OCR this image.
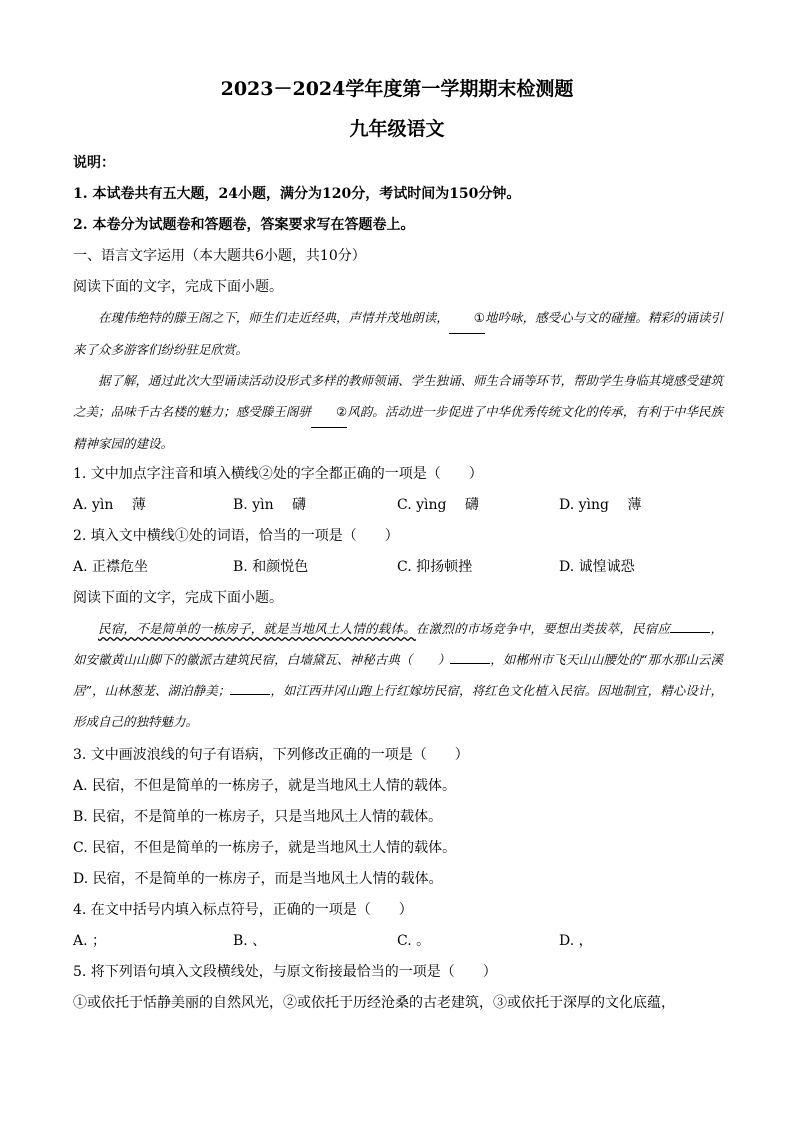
2023－2024学年度第一学期期末检测题
九年级语文
说明：
1. 本试卷共有五大题，24小题，满分为120分，考试时间为150分钟。
2. 本卷分为试题卷和答题卷，答案要求写在答题卷上。
一、语言文字运用（本大题共6小题，共10分）
阅读下面的文字，完成下面小题。

在瑰伟绝特的滕王阁之下，师生们走近经典，声情并茂地朗读， ①地吟咏，感受心与文的碰撞。精彩的诵读引来了众多游客们纷纷驻足欣赏。

据了解，通过此次大型诵读活动设形式多样的教师领诵、学生独诵、师生合诵等环节，帮助学生身临其境感受建筑之美；品味千古名楼的魅力；感受滕王阁骈 ②风韵。活动进一步促进了中华优秀传统文化的传承，有利于中华民族精神家园的建设。

1. 文中加点字注音和填入横线②处的字全都正确的一项是（　　）
A. yìn　 薄	B. yìn　 礴	C. yìng　 礴	D. yìng　 薄
2. 填入文中横线①处的词语，恰当的一项是（　　）
A. 正襟危坐	B. 和颜悦色	C. 抑扬顿挫	D. 诚惶诚恐
阅读下面的文字，完成下面小题。

民宿，不是简单的一栋房子，就是当地风土人情的载体。在激烈的市场竞争中，要想出类拔萃，民宿应	，如安徽黄山山脚下的徽派古建筑民宿，白墙黛瓦、神秘古典（　　）	，如郴州市飞天山山腰处的“那水那山云溪居”，山林葱茏、湖泊静美；	，如江西井冈山跑上行红嫁坊民宿，将红色文化植入民宿。因地制宜，精心设计，形成自己的独特魅力。

3. 文中画波浪线的句子有语病，下列修改正确的一项是（　　）
A. 民宿，不但是简单的一栋房子，就是当地风土人情的载体。
B. 民宿，不是简单的一栋房子，只是当地风土人情的载体。
C. 民宿，不但是简单的一栋房子，就是当地风土人情的载体。
D. 民宿，不是简单的一栋房子，而是当地风土人情的载体。
4. 在文中括号内填入标点符号，正确的一项是（　　）
A. ；	B. 、	C. 。	D. ，
5. 将下列语句填入文段横线处，与原文衔接最恰当的一项是（　　）
①或依托于恬静美丽的自然风光，②或依托于历经沧桑的古老建筑，③或依托于深厚的文化底蕴，
